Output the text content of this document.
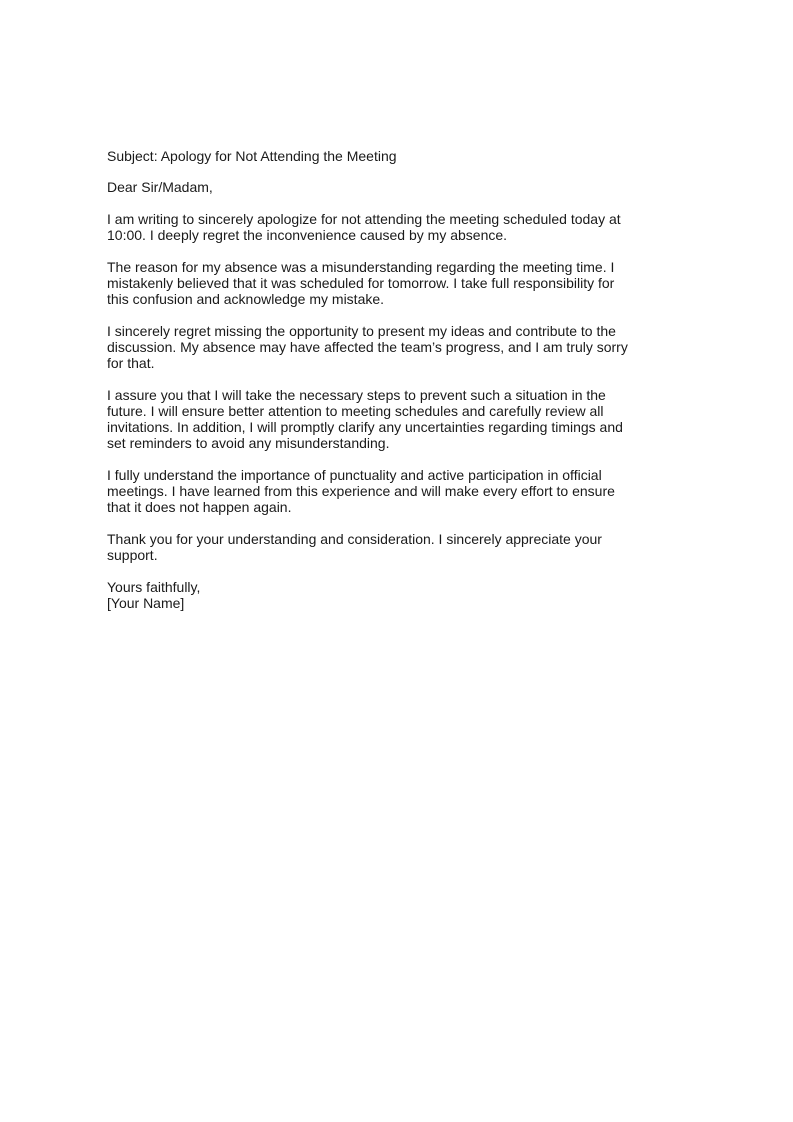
Subject: Apology for Not Attending the Meeting

Dear Sir/Madam,

I am writing to sincerely apologize for not attending the meeting scheduled today at
10:00. I deeply regret the inconvenience caused by my absence.

The reason for my absence was a misunderstanding regarding the meeting time. I
mistakenly believed that it was scheduled for tomorrow. I take full responsibility for
this confusion and acknowledge my mistake.

I sincerely regret missing the opportunity to present my ideas and contribute to the
discussion. My absence may have affected the team’s progress, and I am truly sorry
for that.

I assure you that I will take the necessary steps to prevent such a situation in the
future. I will ensure better attention to meeting schedules and carefully review all
invitations. In addition, I will promptly clarify any uncertainties regarding timings and
set reminders to avoid any misunderstanding.

I fully understand the importance of punctuality and active participation in official
meetings. I have learned from this experience and will make every effort to ensure
that it does not happen again.

Thank you for your understanding and consideration. I sincerely appreciate your
support.

Yours faithfully,
[Your Name]
